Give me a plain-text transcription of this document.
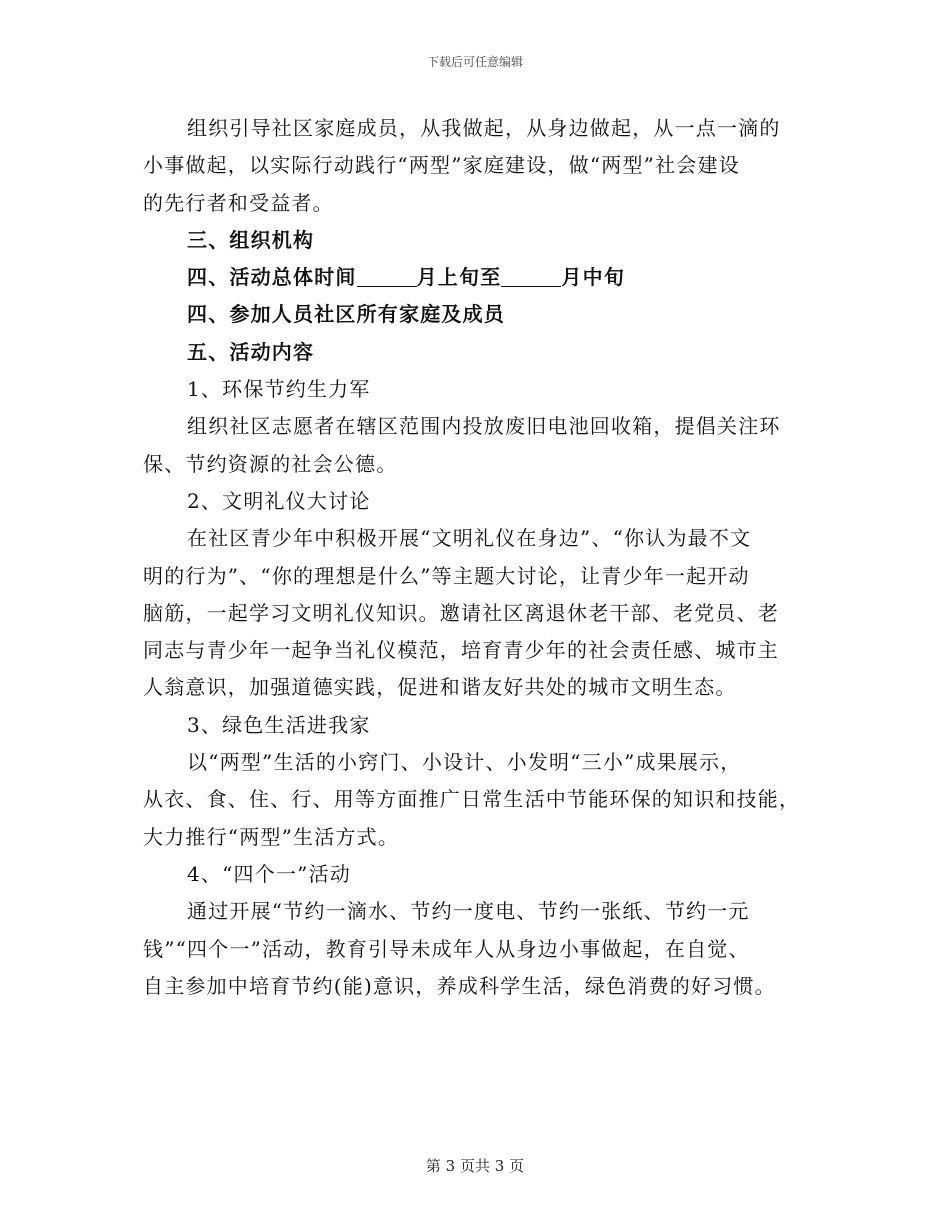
下载后可任意编辑
组织引导社区家庭成员，从我做起，从身边做起，从一点一滴的
小事做起，以实际行动践行“两型”家庭建设，做“两型”社会建设
的先行者和受益者。
三、组织机构
四、活动总体时间	月上旬至	月中旬
四、参加人员社区所有家庭及成员
五、活动内容
1、环保节约生力军
组织社区志愿者在辖区范围内投放废旧电池回收箱，提倡关注环
保、节约资源的社会公德。
2、文明礼仪大讨论
在社区青少年中积极开展“文明礼仪在身边”、“你认为最不文
明的行为”、“你的理想是什么”等主题大讨论，让青少年一起开动
脑筋，一起学习文明礼仪知识。邀请社区离退休老干部、老党员、老
同志与青少年一起争当礼仪模范，培育青少年的社会责任感、城市主
人翁意识，加强道德实践，促进和谐友好共处的城市文明生态。
3、绿色生活进我家
以“两型”生活的小窍门、小设计、小发明“三小”成果展示，
从衣、食、住、行、用等方面推广日常生活中节能环保的知识和技能，
大力推行“两型”生活方式。
4、“四个一”活动
通过开展“节约一滴水、节约一度电、节约一张纸、节约一元
钱”“四个一”活动，教育引导未成年人从身边小事做起，在自觉、
自主参加中培育节约(能)意识，养成科学生活，绿色消费的好习惯。
第 3 页共 3 页
